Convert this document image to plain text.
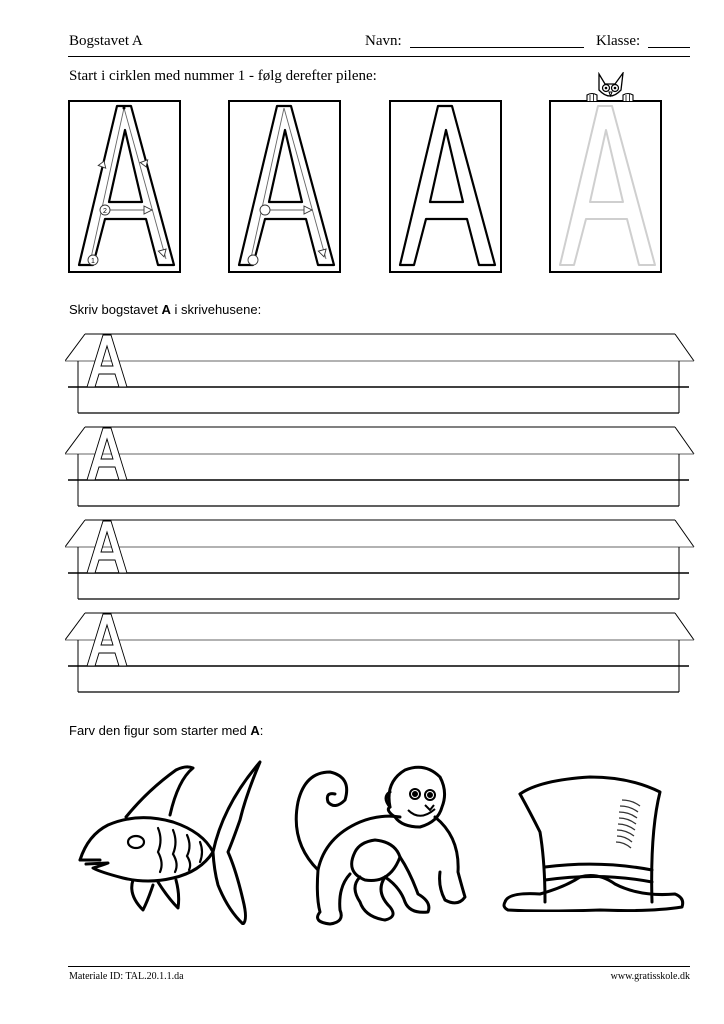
Bogstavet A	Navn:	Klasse:
Start i cirklen med nummer 1 - følg derefter pilene:
1
2
Skriv bogstavet A i skrivehusene:
Farv den figur som starter med A:
Materiale ID: TAL.20.1.1.da	www.gratisskole.dk
